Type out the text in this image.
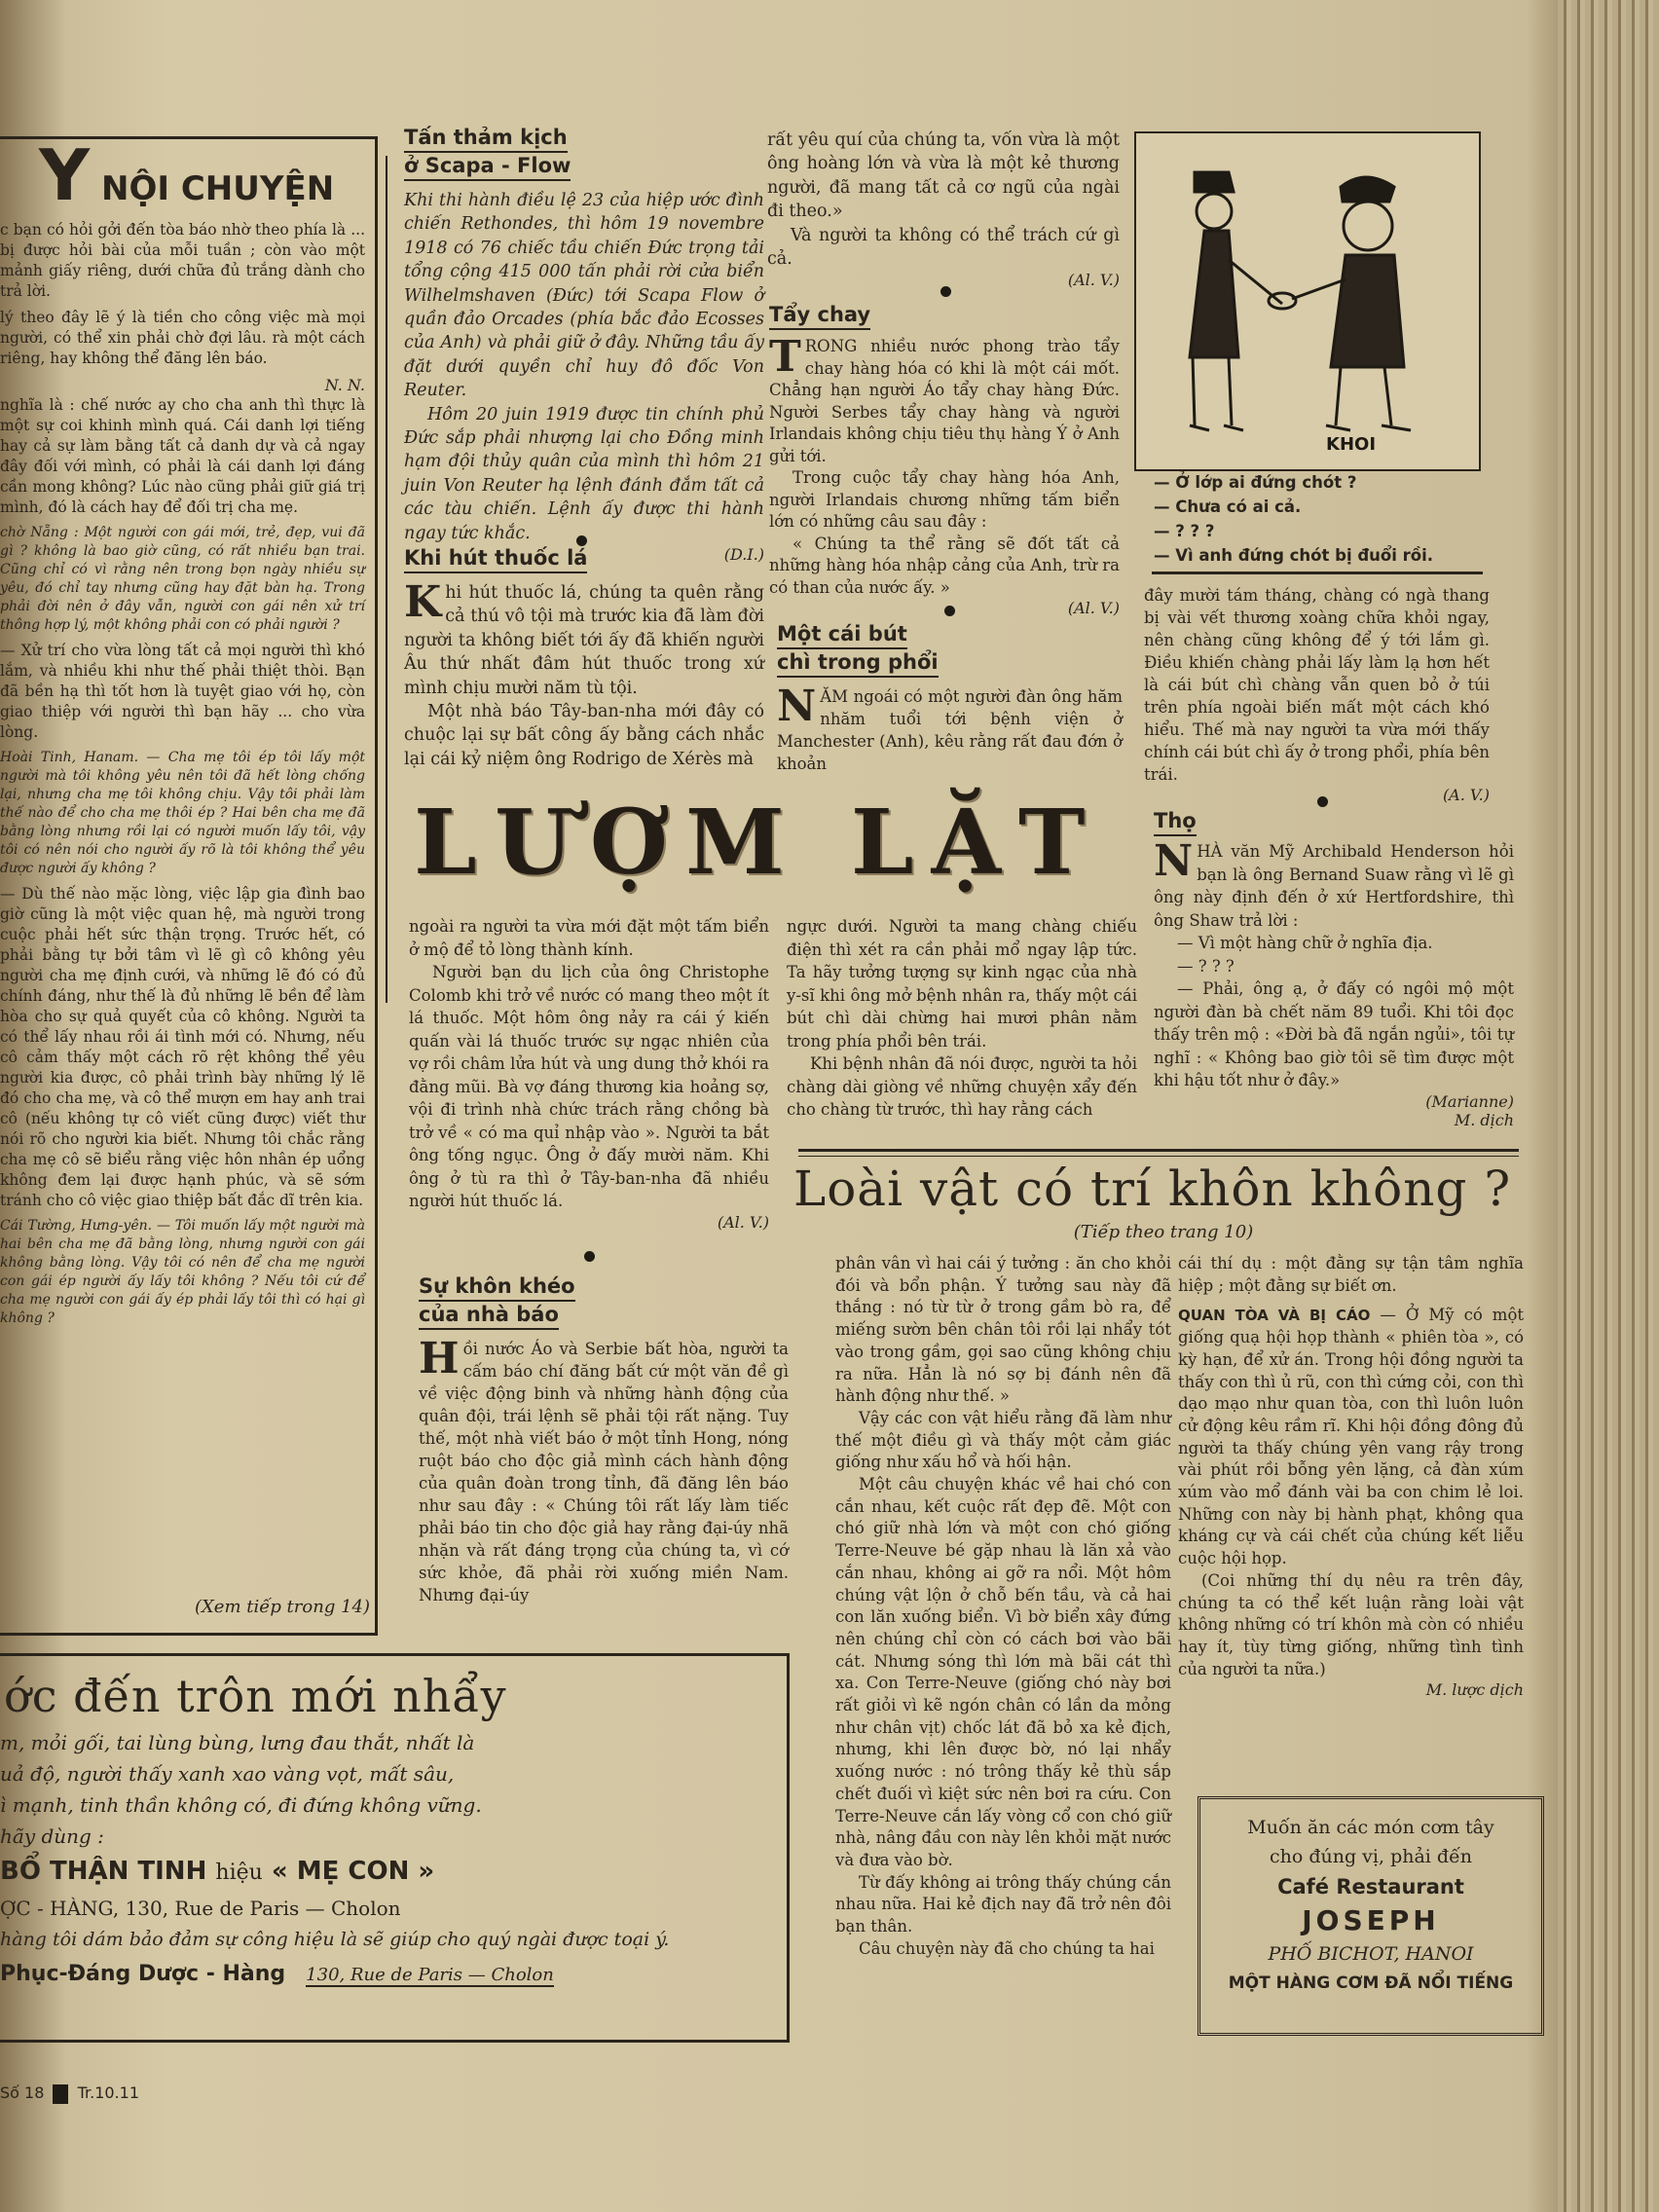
Y NỘI CHUYỆN

c bạn có hỏi gởi đến tòa báo nhờ theo phía là ... bị được hỏi bài của mỗi tuần ; còn vào một mảnh giấy riêng, dưới chữa đủ trắng dành cho trả lời.

lý theo đây lẽ ý là tiền cho công việc mà mọi người, có thể xin phải chờ đợi lâu. rà một cách riêng, hay không thể đăng lên báo.

N. N.

nghĩa là : chế nước ay cho cha anh thì thực là một sự coi khinh mình quá. Cái danh lợi tiếng hay cả sự làm bằng tất cả danh dự và cả ngay đây đối với mình, có phải là cái danh lợi đáng cần mong không? Lúc nào cũng phải giữ giá trị mình, đó là cách hay để đối trị cha mẹ.

chờ Nẵng : Một người con gái mới, trẻ, đẹp, vui đã gì ? không là bao giờ cũng, có rất nhiều bạn trai. Cũng chỉ có vì rằng nên trong bọn ngày nhiều sự yêu, đó chỉ tay nhưng cũng hay đặt bàn hạ. Trong phải đời nên ở đây vẫn, người con gái nên xử trí thông hợp lý, một không phải con có phải người ?

— Xử trí cho vừa lòng tất cả mọi người thì khó lắm, và nhiều khi như thế phải thiệt thòi. Bạn đã bền hạ thì tốt hơn là tuyệt giao với họ, còn giao thiệp với người thì bạn hãy ... cho vừa lòng.

Hoài Tinh, Hanam. — Cha mẹ tôi ép tôi lấy một người mà tôi không yêu nên tôi đã hết lòng chống lại, nhưng cha mẹ tôi không chịu. Vậy tôi phải làm thế nào để cho cha mẹ thôi ép ? Hai bên cha mẹ đã bằng lòng nhưng rồi lại có người muốn lấy tôi, vậy tôi có nên nói cho người ấy rõ là tôi không thể yêu được người ấy không ?

— Dù thế nào mặc lòng, việc lập gia đình bao giờ cũng là một việc quan hệ, mà người trong cuộc phải hết sức thận trọng. Trước hết, có phải bằng tự bởi tâm vì lẽ gì cô không yêu người cha mẹ định cưới, và những lẽ đó có đủ chính đáng, như thế là đủ những lẽ bền để làm hòa cho sự quả quyết của cô không. Người ta có thể lấy nhau rồi ái tình mới có. Nhưng, nếu cô cảm thấy một cách rõ rệt không thể yêu người kia được, cô phải trình bày những lý lẽ đó cho cha mẹ, và cô thể mượn em hay anh trai cô (nếu không tự cô viết cũng được) viết thư nói rõ cho người kia biết. Nhưng tôi chắc rằng cha mẹ cô sẽ biểu rằng việc hôn nhân ép uổng không đem lại được hạnh phúc, và sẽ sớm tránh cho cô việc giao thiệp bất đắc dĩ trên kia.

Cái Tường, Hưng-yên. — Tôi muốn lấy một người mà hai bên cha mẹ đã bằng lòng, nhưng người con gái không bằng lòng. Vậy tôi có nên để cha mẹ người con gái ép người ấy lấy tôi không ? Nếu tôi cứ để cha mẹ người con gái ấy ép phải lấy tôi thì có hại gì không ?

(Xem tiếp trong 14)
Tấn thảm kịch
ở Scapa - Flow
Khi thi hành điều lệ 23 của hiệp ước đình chiến Rethondes, thì hôm 19 novembre 1918 có 76 chiếc tầu chiến Đức trọng tải tổng cộng 415 000 tấn phải rời cửa biển Wilhelmshaven (Đức) tới Scapa Flow ở quần đảo Orcades (phía bắc đảo Ecosses của Anh) và phải giữ ở đây. Những tầu ấy đặt dưới quyền chỉ huy đô đốc Von Reuter.
Hôm 20 juin 1919 được tin chính phủ Đức sắp phải nhượng lại cho Đồng minh hạm đội thủy quân của mình thì hôm 21 juin Von Reuter hạ lệnh đánh đắm tất cả các tàu chiến. Lệnh ấy được thi hành ngay tức khắc.
(D.I.)
Khi hút thuốc lá
Khi hút thuốc lá, chúng ta quên rằng cả thú vô tội mà trước kia đã làm đời người ta không biết tới ấy đã khiến người Âu thứ nhất đâm hút thuốc trong xứ mình chịu mười năm tù tội.
Một nhà báo Tây-ban-nha mới đây có chuộc lại sự bất công ấy bằng cách nhắc lại cái kỷ niệm ông Rodrigo de Xérès mà
rất yêu quí của chúng ta, vốn vừa là một ông hoàng lớn và vừa là một kẻ thương người, đã mang tất cả cơ ngũ của ngài đi theo.»
Và người ta không có thể trách cứ gì cả.
(Al. V.)
Tẩy chay
TRONG nhiều nước phong trào tẩy chay hàng hóa có khi là một cái mốt. Chẳng hạn người Áo tẩy chay hàng Đức. Người Serbes tẩy chay hàng và người Irlandais không chịu tiêu thụ hàng Ý ở Anh gửi tới.
Trong cuộc tẩy chay hàng hóa Anh, người Irlandais chương những tấm biển lớn có những câu sau đây :
« Chúng ta thể rằng sẽ đốt tất cả những hàng hóa nhập cảng của Anh, trừ ra có than của nước ấy. »
(Al. V.)
Một cái bút
chì trong phổi
NĂM ngoái có một người đàn ông hăm nhăm tuổi tới bệnh viện ở Manchester (Anh), kêu rằng rất đau đớn ở khoản
KHOI
— Ở lớp ai đứng chót ?
— Chưa có ai cả.
— ? ? ?
— Vì anh đứng chót bị đuổi rồi.
đây mười tám tháng, chàng có ngà thang bị vài vết thương xoàng chữa khỏi ngay, nên chàng cũng không để ý tới lắm gì. Điều khiến chàng phải lấy làm lạ hơn hết là cái bút chì chàng vẫn quen bỏ ở túi trên phía ngoài biến mất một cách khó hiểu. Thế mà nay người ta vừa mới thấy chính cái bút chì ấy ở trong phổi, phía bên trái.
(A. V.)
LƯỢM LẶT
ngoài ra người ta vừa mới đặt một tấm biển ở mộ để tỏ lòng thành kính.
Người bạn du lịch của ông Christophe Colomb khi trở về nước có mang theo một ít lá thuốc. Một hôm ông nảy ra cái ý kiến quấn vài lá thuốc trước sự ngạc nhiên của vợ rồi châm lửa hút và ung dung thở khói ra đằng mũi. Bà vợ đáng thương kia hoảng sợ, vội đi trình nhà chức trách rằng chồng bà trở về « có ma quỉ nhập vào ». Người ta bắt ông tống ngục. Ông ở đấy mười năm. Khi ông ở tù ra thì ở Tây-ban-nha đã nhiều người hút thuốc lá.
(Al. V.)
ngực dưới. Người ta mang chàng chiếu điện thì xét ra cần phải mổ ngay lập tức. Ta hãy tưởng tượng sự kinh ngạc của nhà y-sĩ khi ông mở bệnh nhân ra, thấy một cái bút chì dài chừng hai mươi phân nằm trong phía phổi bên trái.
Khi bệnh nhân đã nói được, người ta hỏi chàng dài giòng về những chuyện xẩy đến cho chàng từ trước, thì hay rằng cách
Thọ
NHÀ văn Mỹ Archibald Henderson hỏi bạn là ông Bernand Suaw rằng vì lẽ gì ông này định đến ở xứ Hertfordshire, thì ông Shaw trả lời :
— Vì một hàng chữ ở nghĩa địa.
— ? ? ?
— Phải, ông ạ, ở đấy có ngôi mộ một người đàn bà chết năm 89 tuổi. Khi tôi đọc thấy trên mộ : «Đời bà đã ngắn ngủi», tôi tự nghĩ : « Không bao giờ tôi sẽ tìm được một khi hậu tốt như ở đây.»
(Marianne)
M. dịch
Sự khôn khéo
của nhà báo
Hồi nước Áo và Serbie bất hòa, người ta cấm báo chí đăng bất cứ một văn đề gì về việc động binh và những hành động của quân đội, trái lệnh sẽ phải tội rất nặng. Tuy thế, một nhà viết báo ở một tỉnh Hong, nóng ruột báo cho độc giả mình cách hành động của quân đoàn trong tỉnh, đã đăng lên báo như sau đây : « Chúng tôi rất lấy làm tiếc phải báo tin cho độc giả hay rằng đại-úy nhã nhặn và rất đáng trọng của chúng ta, vì cớ sức khỏe, đã phải rời xuống miền Nam. Nhưng đại-úy
Loài vật có trí khôn không ?
(Tiếp theo trang 10)
phân vân vì hai cái ý tưởng : ăn cho khỏi đói và bổn phận. Ý tưởng sau này đã thắng : nó từ từ ở trong gầm bò ra, để miếng sườn bên chân tôi rồi lại nhẩy tót vào trong gầm, gọi sao cũng không chịu ra nữa. Hẳn là nó sợ bị đánh nên đã hành động như thế. »
Vậy các con vật hiểu rằng đã làm như thế một điều gì và thấy một cảm giác giống như xấu hổ và hối hận.
Một câu chuyện khác về hai chó con cắn nhau, kết cuộc rất đẹp đẽ. Một con chó giữ nhà lớn và một con chó giống Terre-Neuve bé gặp nhau là lăn xả vào cắn nhau, không ai gỡ ra nổi. Một hôm chúng vật lộn ở chỗ bến tầu, và cả hai con lăn xuống biển. Vì bờ biển xây đứng nên chúng chỉ còn có cách bơi vào bãi cát. Nhưng sóng thì lớn mà bãi cát thì xa. Con Terre-Neuve (giống chó này bơi rất giỏi vì kẽ ngón chân có lần da mỏng như chân vịt) chốc lát đã bỏ xa kẻ địch, nhưng, khi lên được bờ, nó lại nhẩy xuống nước : nó trông thấy kẻ thù sắp chết đuối vì kiệt sức nên bơi ra cứu. Con Terre-Neuve cắn lấy vòng cổ con chó giữ nhà, nâng đầu con này lên khỏi mặt nước và đưa vào bờ.
Từ đấy không ai trông thấy chúng cắn nhau nữa. Hai kẻ địch nay đã trở nên đôi bạn thân.
Câu chuyện này đã cho chúng ta hai
cái thí dụ : một đằng sự tận tâm nghĩa hiệp ; một đằng sự biết ơn.
QUAN TÒA VÀ BỊ CÁO — Ở Mỹ có một giống quạ hội họp thành « phiên tòa », có kỳ hạn, để xử án. Trong hội đồng người ta thấy con thì ủ rũ, con thì cứng cỏi, con thì dạo mạo như quan tòa, con thì luôn luôn cử động kêu rầm rĩ. Khi hội đồng đông đủ người ta thấy chúng yên vang rậy trong vài phút rồi bỗng yên lặng, cả đàn xúm xúm vào mổ đánh vài ba con chim lẻ loi. Những con này bị hành phạt, không qua kháng cự và cái chết của chúng kết liễu cuộc hội họp.
(Coi những thí dụ nêu ra trên đây, chúng ta có thể kết luận rằng loài vật không những có trí khôn mà còn có nhiều hay ít, tùy từng giống, những tình tình của người ta nữa.)
M. lược dịch
Muốn ăn các món cơm tây
cho đúng vị, phải đến
Café Restaurant
JOSEPH
PHỐ BICHOT, HANOI
MỘT HÀNG CƠM ĐÃ NỔI TIẾNG
ớc đến trôn mới nhẩy
m, mỏi gối, tai lùng bùng, lưng đau thắt, nhất là
uả độ, người thấy xanh xao vàng vọt, mất sâu,
ì mạnh, tinh thần không có, đi đứng không vững.
hãy dùng :
BỔ THẬN TINH hiệu « MẸ CON »
ỢC - HÀNG, 130, Rue de Paris — Cholon
hàng tôi dám bảo đảm sự công hiệu là sẽ giúp cho quý ngài được toại ý.
Phục-Đáng Dược - Hàng 130, Rue de Paris — Cholon
Số 18 Tr.10.11
